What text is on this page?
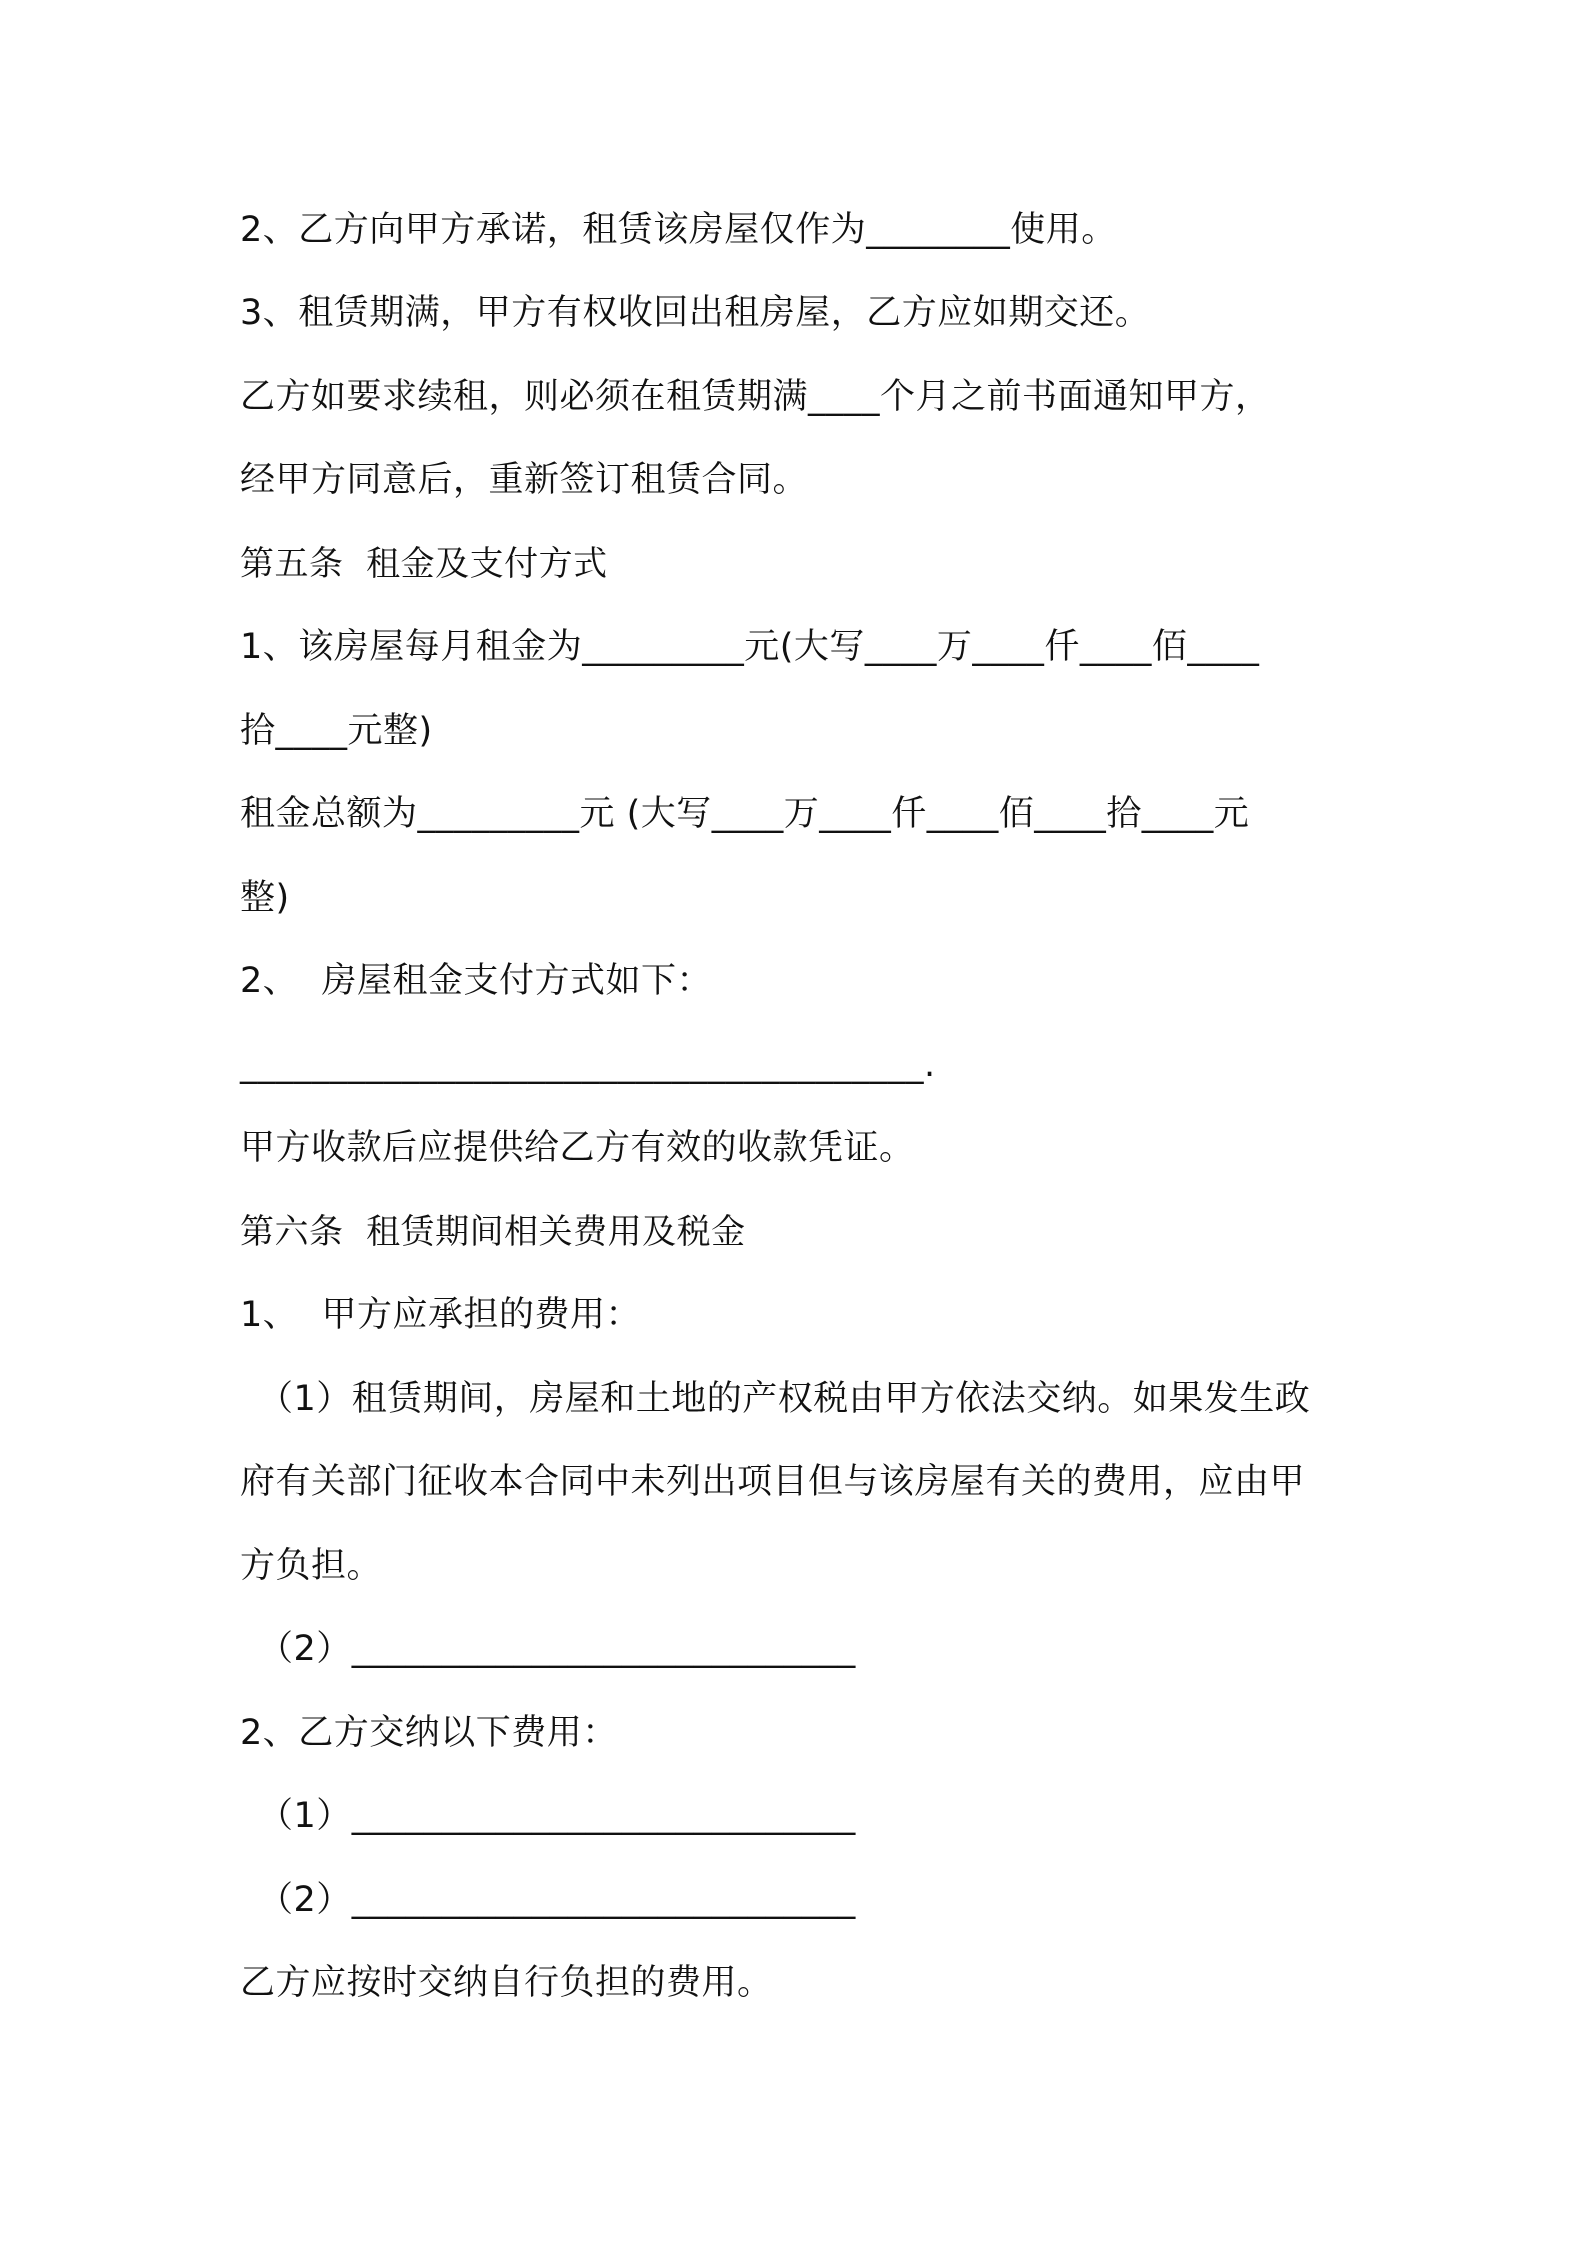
2、乙方向甲方承诺，租赁该房屋仅作为________使用。
3、租赁期满，甲方有权收回出租房屋，乙方应如期交还。
乙方如要求续租，则必须在租赁期满____个月之前书面通知甲方，
经甲方同意后，重新签订租赁合同。
第五条  租金及支付方式
1、该房屋每月租金为_________元(大写____万____仟____佰____
拾____元整)
租金总额为_________元 (大写____万____仟____佰____拾____元
整)
2、  房屋租金支付方式如下：
______________________________________.
甲方收款后应提供给乙方有效的收款凭证。
第六条  租赁期间相关费用及税金
1、  甲方应承担的费用：
（1）租赁期间，房屋和土地的产权税由甲方依法交纳。如果发生政
府有关部门征收本合同中未列出项目但与该房屋有关的费用，应由甲
方负担。
（2）____________________________
2、乙方交纳以下费用：
（1）____________________________
（2）____________________________
乙方应按时交纳自行负担的费用。
